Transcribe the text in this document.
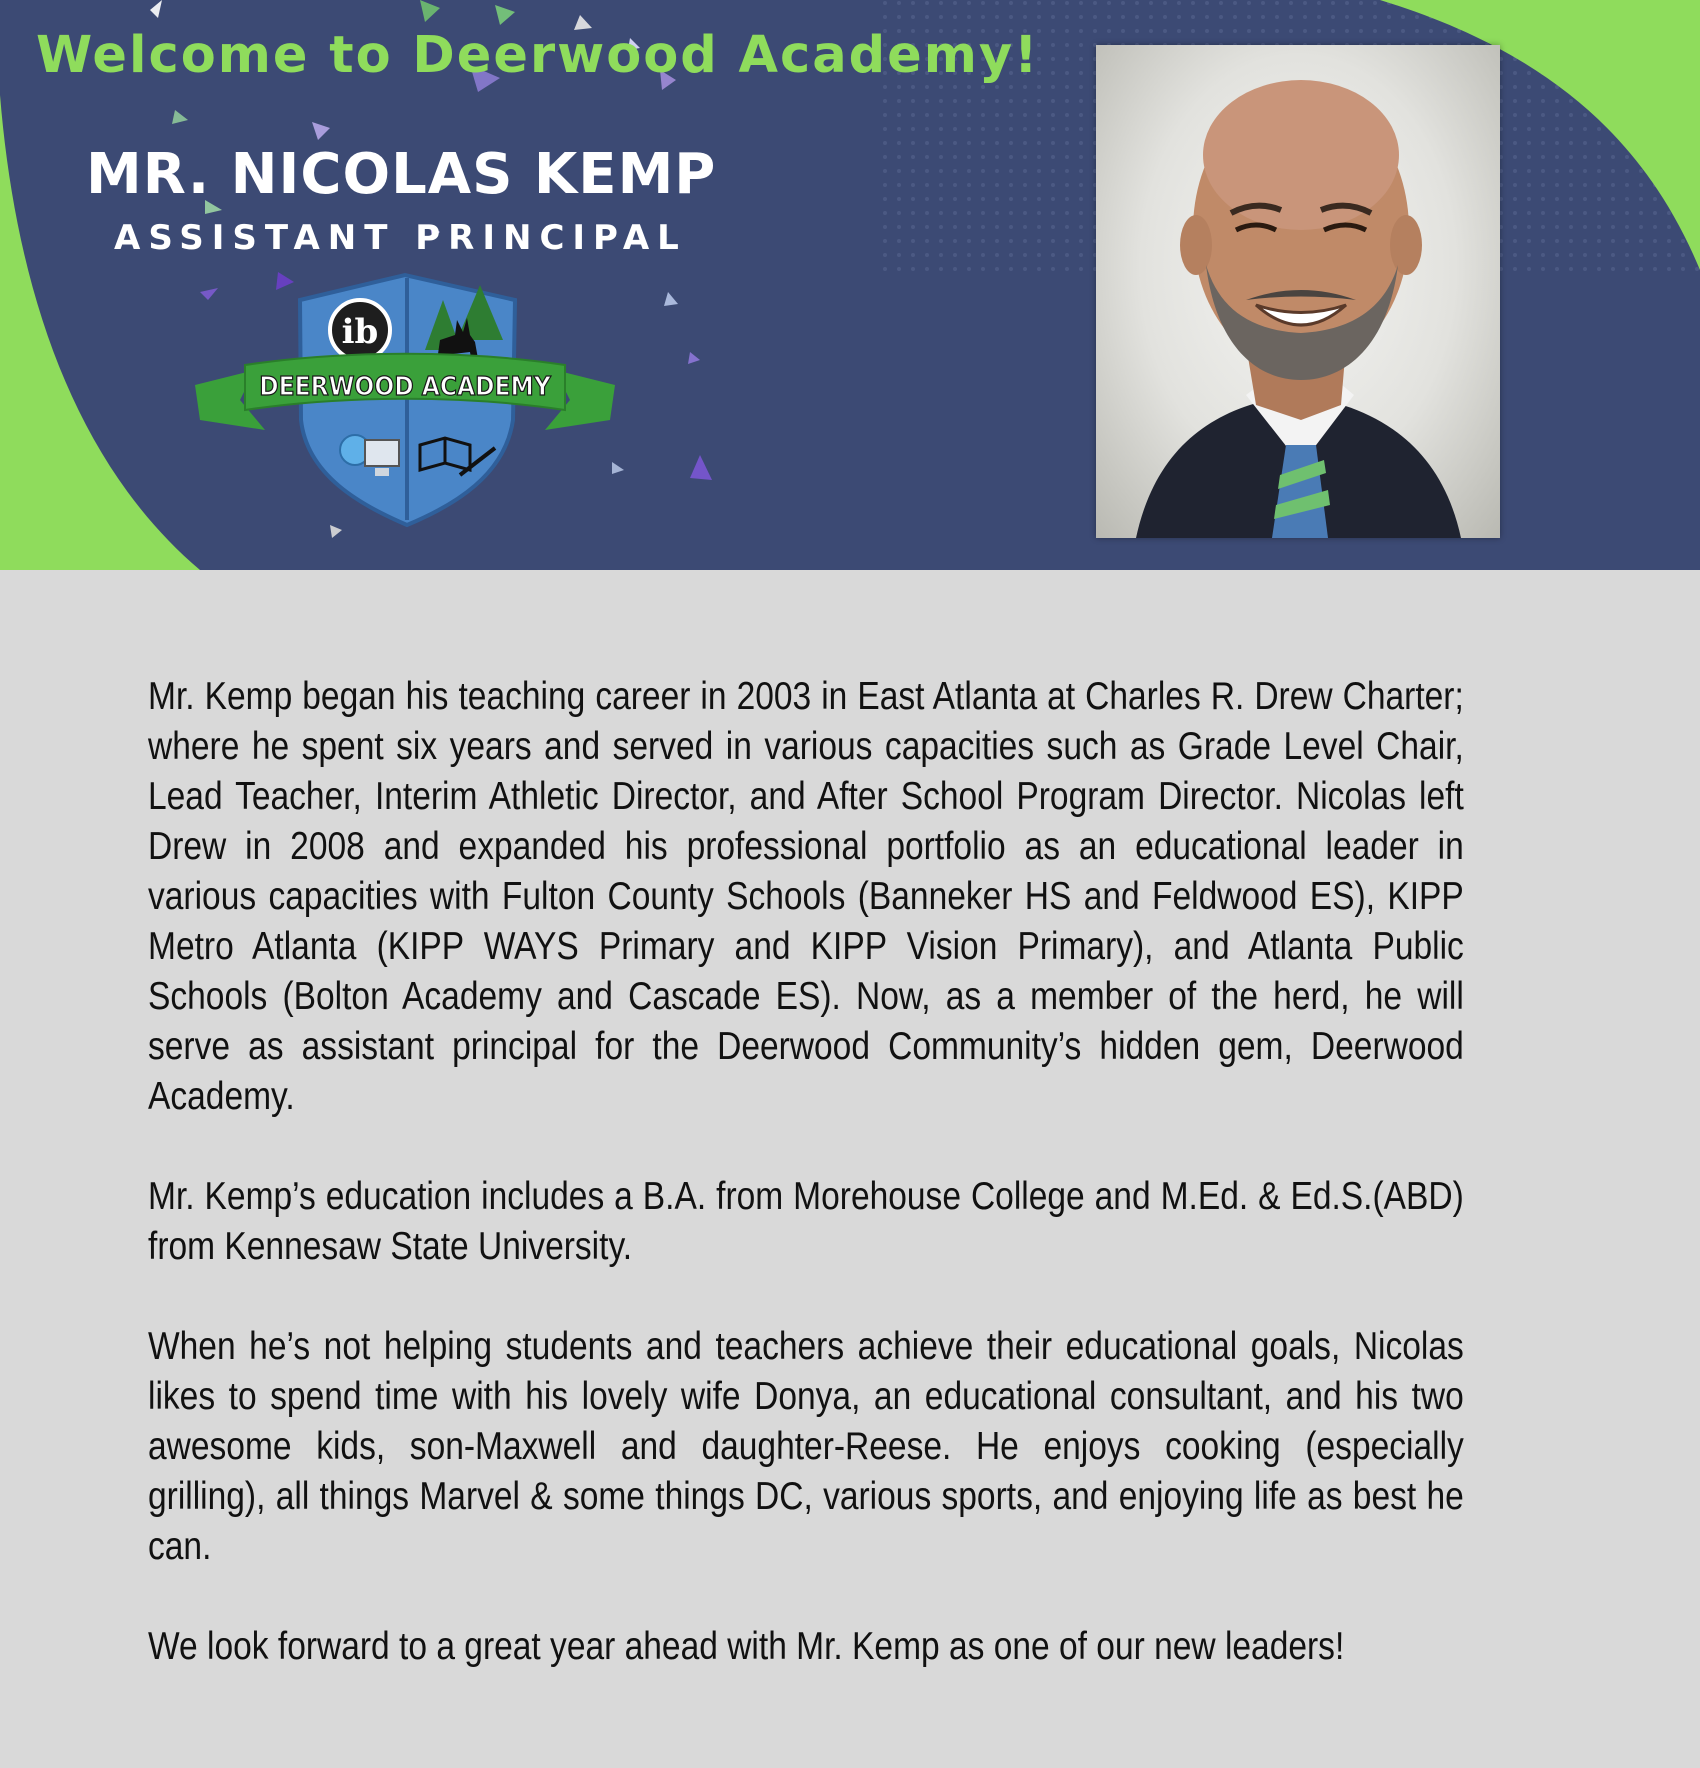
Welcome to Deerwood Academy!
MR. NICOLAS KEMP
ASSISTANT PRINCIPAL
ib
DEERWOOD ACADEMY

Mr. Kemp began his teaching career in 2003 in East Atlanta at Charles R. Drew Charter; where he spent six years and served in various capacities such as Grade Level Chair, Lead Teacher, Interim Athletic Director, and After School Program Director. Nicolas left Drew in 2008 and expanded his professional portfolio as an educational leader in various capacities with Fulton County Schools (Banneker HS and Feldwood ES), KIPP Metro Atlanta (KIPP WAYS Primary and KIPP Vision Primary), and Atlanta Public Schools (Bolton Academy and Cascade ES). Now, as a member of the herd, he will serve as assistant principal for the Deerwood Community’s hidden gem, Deerwood Academy.

Mr. Kemp’s education includes a B.A. from Morehouse College and M.Ed. & Ed.S.(ABD) from Kennesaw State University.

When he’s not helping students and teachers achieve their educational goals, Nicolas likes to spend time with his lovely wife Donya, an educational consultant, and his two awesome kids, son-Maxwell and daughter-Reese. He enjoys cooking (especially grilling), all things Marvel & some things DC, various sports, and enjoying life as best he can.

We look forward to a great year ahead with Mr. Kemp as one of our new leaders!
